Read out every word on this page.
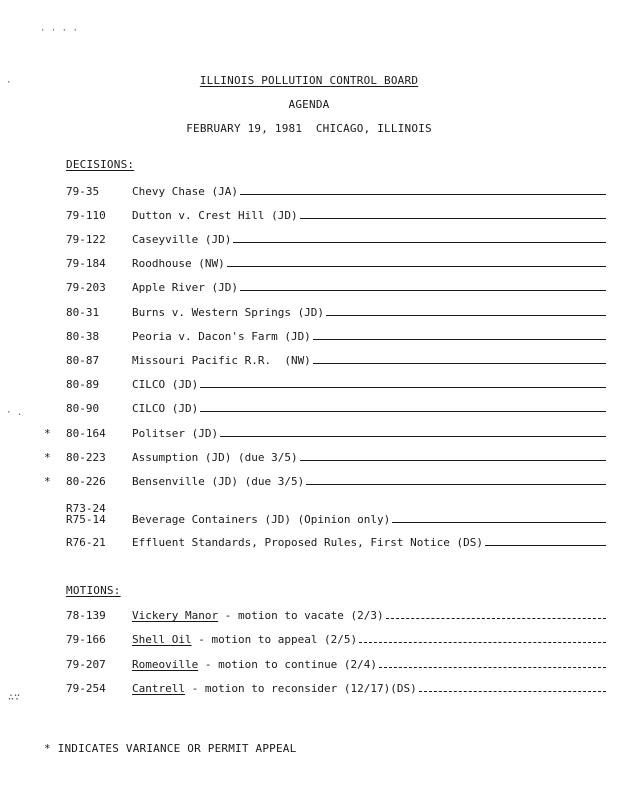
· · · ·
·
· .
∴∵
ILLINOIS POLLUTION CONTROL BOARD
AGENDA
FEBRUARY 19, 1981  CHICAGO, ILLINOIS
DECISIONS:
79-35	Chevy Chase (JA)
79-110 Dutton v. Crest Hill (JD)
79-122 Caseyville (JD)
79-184 Roodhouse (NW)
79-203 Apple River (JD)
80-31	Burns v. Western Springs (JD)
80-38	Peoria v. Dacon's Farm (JD)
80-87	Missouri Pacific R.R.  (NW)
80-89	CILCO (JD)
80-90	CILCO (JD)
* 80-164 Politser (JD)
* 80-223 Assumption (JD) (due 3/5)
* 80-226 Bensenville (JD) (due 3/5)
R73-24
R75-14 Beverage Containers (JD) (Opinion only)
R76-21 Effluent Standards, Proposed Rules, First Notice (DS)
MOTIONS:
78-139 Vickery Manor - motion to vacate (2/3)
79-166 Shell Oil - motion to appeal (2/5)
79-207 Romeoville - motion to continue (2/4)
79-254 Cantrell - motion to reconsider (12/17)(DS)
* INDICATES VARIANCE OR PERMIT APPEAL
